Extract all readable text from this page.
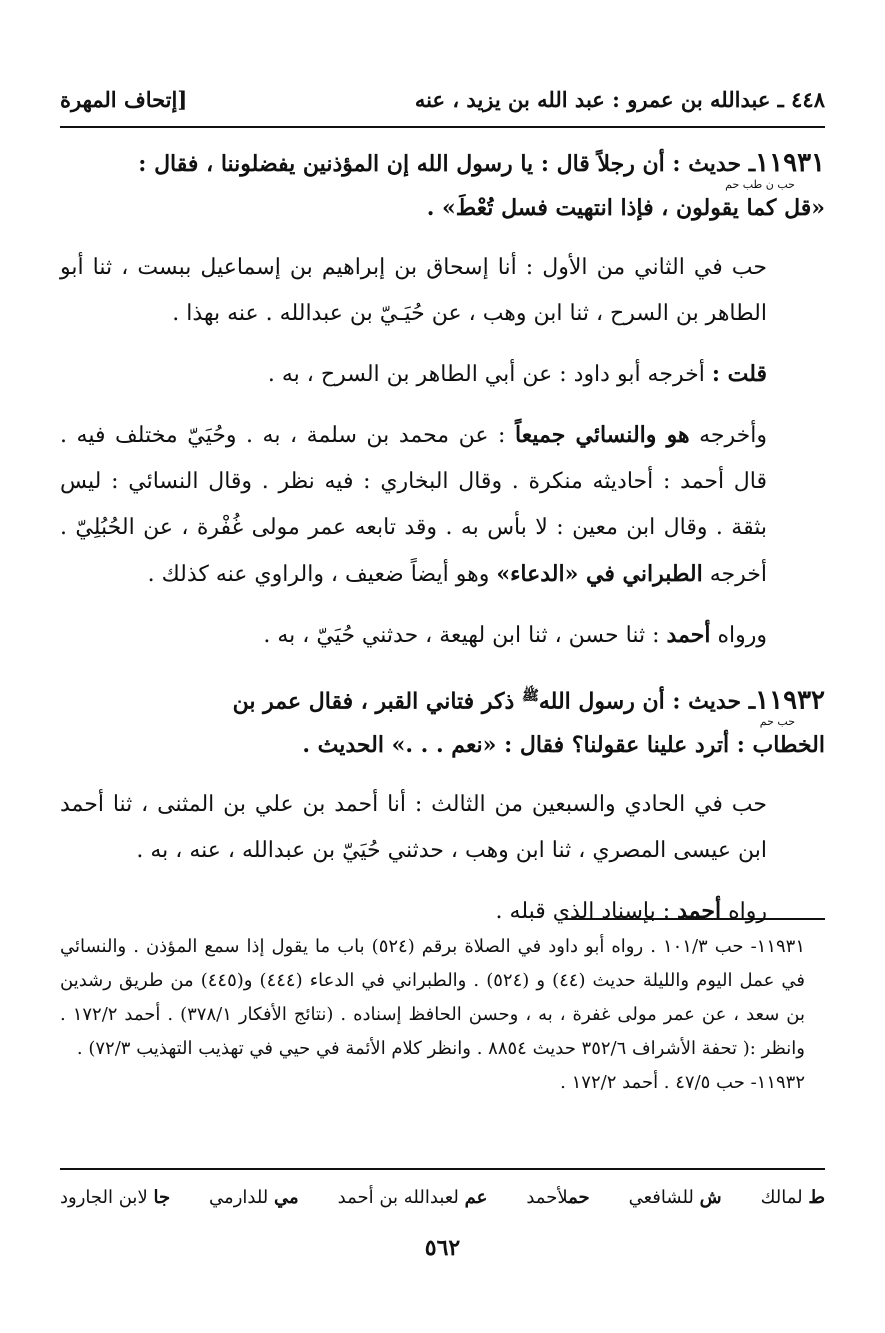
٤٤٨ ـ عبدالله بن عمرو : عبد الله بن يزيد ، عنه
[إتحاف المهرة

١١٩٣١ـ حديث : أن رجلاً قال : يا رسول الله إن المؤذنين يفضلوننا ، فقال :
حب ن طب حم
«قل كما يقولون ، فإذا انتهيت فسل تُعْطَ» .

حب في الثاني من الأول : أنا إسحاق بن إبراهيم بن إسماعيل ببست ، ثنا أبو الطاهر بن السرح ، ثنا ابن وهب ، عن حُيَـيّ بن عبدالله . عنه بهذا .

قلت : أخرجه أبو داود : عن أبي الطاهر بن السرح ، به .

وأخرجه هو والنسائي جميعاً : عن محمد بن سلمة ، به . وحُيَيّ مختلف فيه . قال أحمد : أحاديثه منكرة . وقال البخاري : فيه نظر . وقال النسائي : ليس بثقة . وقال ابن معين : لا بأس به . وقد تابعه عمر مولى غُفْرة ، عن الحُبُلِيّ . أخرجه الطبراني في «الدعاء» وهو أيضاً ضعيف ، والراوي عنه كذلك .

ورواه أحمد : ثنا حسن ، ثنا ابن لهيعة ، حدثني حُيَيّ ، به .

١١٩٣٢ـ حديث : أن رسول الله$^ﷺ$ ذكر فتاني القبر ، فقال عمر بن
حب حم
الخطاب : أترد علينا عقولنا؟ فقال : «نعم . . .» الحديث .

حب في الحادي والسبعين من الثالث : أنا أحمد بن علي بن المثنى ، ثنا أحمد ابن عيسى المصري ، ثنا ابن وهب ، حدثني حُيَيّ بن عبدالله ، عنه ، به .

رواه أحمد : بإسناد الذي قبله .

١١٩٣١- حب ١٠١/٣ . رواه أبو داود في الصلاة برقم (٥٢٤) باب ما يقول إذا سمع المؤذن . والنسائي في عمل اليوم والليلة حديث (٤٤) و (٥٢٤) . والطبراني في الدعاء (٤٤٤) و(٤٤٥) من طريق رشدين بن سعد ، عن عمر مولى غفرة ، به ، وحسن الحافظ إسناده . (نتائج الأفكار ٣٧٨/١) . أحمد ١٧٢/٢ . وانظر :( تحفة الأشراف ٣٥٢/٦ حديث ٨٨٥٤ . وانظر كلام الأئمة في حيي في تهذيب التهذيب ٧٢/٣) .

١١٩٣٢- حب ٤٧/٥ . أحمد ١٧٢/٢ .

ط لمالك
ش للشافعي
حملأحمد
عم لعبدالله بن أحمد
مي للدارمي
جا لابن الجارود
٥٦٢
